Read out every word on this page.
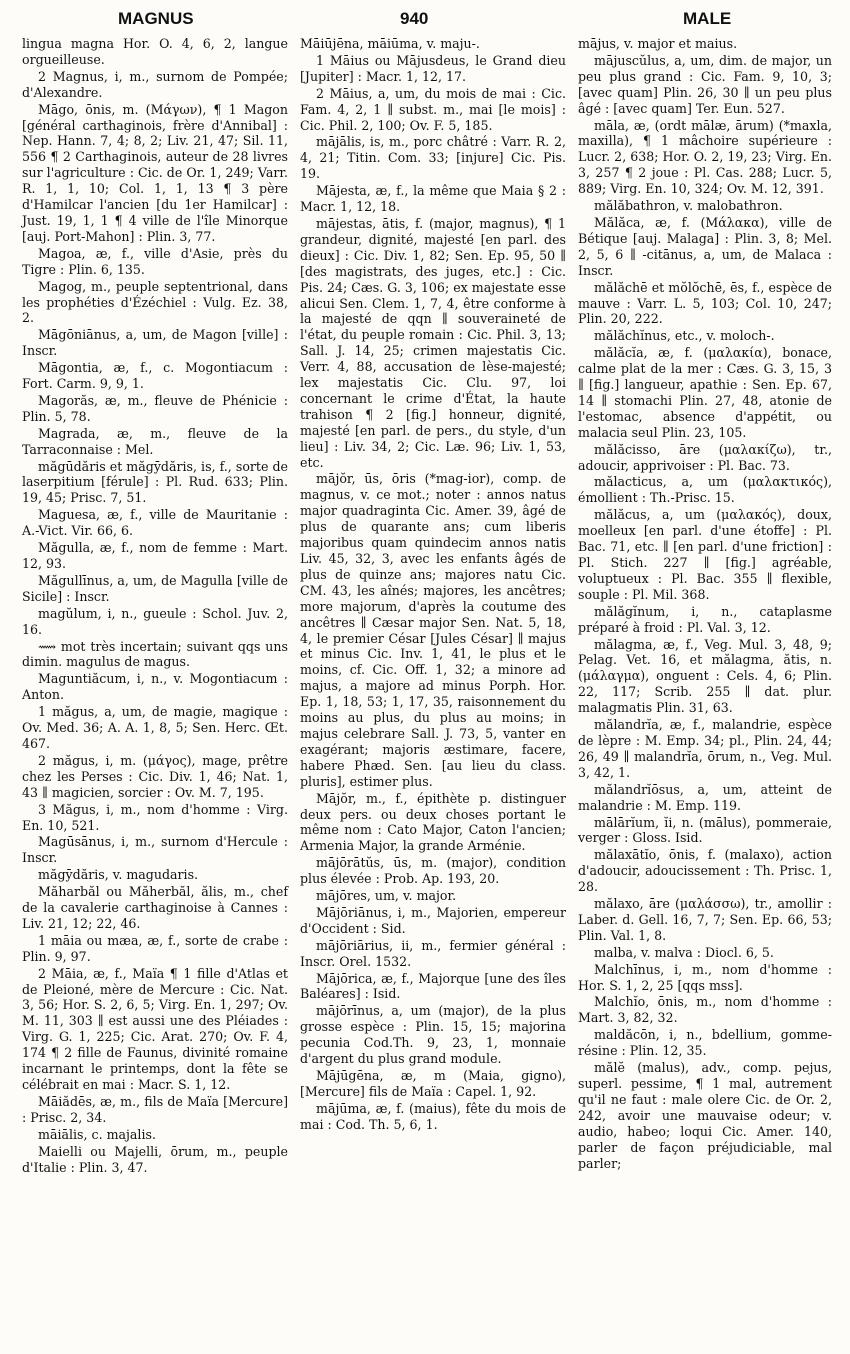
MAGNUS	940	MALE

lingua magna Hor. O. 4, 6, 2, langue orgueilleuse.

2 Magnus, i, m., surnom de Pompée; d'Alexandre.

Māgo, ōnis, m. (Μάγων), ¶ 1 Magon [général carthaginois, frère d'Annibal] : Nep. Hann. 7, 4; 8, 2; Liv. 21, 47; Sil. 11, 556 ¶ 2 Carthaginois, auteur de 28 livres sur l'agriculture : Cic. de Or. 1, 249; Varr. R. 1, 1, 10; Col. 1, 1, 13 ¶ 3 père d'Hamilcar l'ancien [du 1er Hamilcar] : Just. 19, 1, 1 ¶ 4 ville de l'île Minorque [auj. Port-Mahon] : Plin. 3, 77.

Magoa, æ, f., ville d'Asie, près du Tigre : Plin. 6, 135.

Magog, m., peuple septentrional, dans les prophéties d'Ézéchiel : Vulg. Ez. 38, 2.

Māgōniānus, a, um, de Magon [ville] : Inscr.

Māgontia, æ, f., c. Mogontiacum : Fort. Carm. 9, 9, 1.

Magorăs, æ, m., fleuve de Phénicie : Plin. 5, 78.

Magrada, æ, m., fleuve de la Tarraconnaise : Mel.

măgūdăris et măgȳdăris, is, f., sorte de laserpitium [férule] : Pl. Rud. 633; Plin. 19, 45; Prisc. 7, 51.

Maguesa, æ, f., ville de Mauritanie : A.-Vict. Vir. 66, 6.

Măgulla, æ, f., nom de femme : Mart. 12, 93.

Măgullīnus, a, um, de Magulla [ville de Sicile] : Inscr.

magŭlum, i, n., gueule : Schol. Juv. 2, 16.

⟿ mot très incertain; suivant qqs uns dimin. magulus de magus.

Maguntiăcum, i, n., v. Mogontiacum : Anton.

1 măgus, a, um, de magie, magique : Ov. Med. 36; A. A. 1, 8, 5; Sen. Herc. Œt. 467.

2 măgus, i, m. (μάγος), mage, prêtre chez les Perses : Cic. Div. 1, 46; Nat. 1, 43 ∥ magicien, sorcier : Ov. M. 7, 195.

3 Măgus, i, m., nom d'homme : Virg. En. 10, 521.

Magūsānus, i, m., surnom d'Hercule : Inscr.

măgȳdăris, v. magudaris.

Măharbăl ou Măherbăl, ălis, m., chef de la cavalerie carthaginoise à Cannes : Liv. 21, 12; 22, 46.

1 māia ou mæa, æ, f., sorte de crabe : Plin. 9, 97.

2 Māia, æ, f., Maïa ¶ 1 fille d'Atlas et de Pleioné, mère de Mercure : Cic. Nat. 3, 56; Hor. S. 2, 6, 5; Virg. En. 1, 297; Ov. M. 11, 303 ∥ est aussi une des Pléiades : Virg. G. 1, 225; Cic. Arat. 270; Ov. F. 4, 174 ¶ 2 fille de Faunus, divinité romaine incarnant le printemps, dont la fête se célébrait en mai : Macr. S. 1, 12.

Māiădēs, æ, m., fils de Maïa [Mercure] : Prisc. 2, 34.

māiālis, c. majalis.

Maielli ou Majelli, ōrum, m., peuple d'Italie : Plin. 3, 47.

Māiūjēna, māiūma, v. maju-.

1 Māius ou Mājusdeus, le Grand dieu [Jupiter] : Macr. 1, 12, 17.

2 Māius, a, um, du mois de mai : Cic. Fam. 4, 2, 1 ∥ subst. m., mai [le mois] : Cic. Phil. 2, 100; Ov. F. 5, 185.

mājālis, is, m., porc châtré : Varr. R. 2, 4, 21; Titin. Com. 33; [injure] Cic. Pis. 19.

Mājesta, æ, f., la même que Maia § 2 : Macr. 1, 12, 18.

mājestas, ātis, f. (major, magnus), ¶ 1 grandeur, dignité, majesté [en parl. des dieux] : Cic. Div. 1, 82; Sen. Ep. 95, 50 ∥ [des magistrats, des juges, etc.] : Cic. Pis. 24; Cæs. G. 3, 106; ex majestate esse alicui Sen. Clem. 1, 7, 4, être conforme à la majesté de qqn ∥ souveraineté de l'état, du peuple romain : Cic. Phil. 3, 13; Sall. J. 14, 25; crimen majestatis Cic. Verr. 4, 88, accusation de lèse-majesté; lex majestatis Cic. Clu. 97, loi concernant le crime d'État, la haute trahison ¶ 2 [fig.] honneur, dignité, majesté [en parl. de pers., du style, d'un lieu] : Liv. 34, 2; Cic. Læ. 96; Liv. 1, 53, etc.

mājŏr, ūs, ōris (*mag-ior), comp. de magnus, v. ce mot.; noter : annos natus major quadraginta Cic. Amer. 39, âgé de plus de quarante ans; cum liberis majoribus quam quindecim annos natis Liv. 45, 32, 3, avec les enfants âgés de plus de quinze ans; majores natu Cic. CM. 43, les aînés; majores, les ancêtres; more majorum, d'après la coutume des ancêtres ∥ Cæsar major Sen. Nat. 5, 18, 4, le premier César [Jules César] ∥ majus et minus Cic. Inv. 1, 41, le plus et le moins, cf. Cic. Off. 1, 32; a minore ad majus, a majore ad minus Porph. Hor. Ep. 1, 18, 53; 1, 17, 35, raisonnement du moins au plus, du plus au moins; in majus celebrare Sall. J. 73, 5, vanter en exagérant; majoris æstimare, facere, habere Phæd. Sen. [au lieu du class. pluris], estimer plus.

Mājŏr, m., f., épithète p. distinguer deux pers. ou deux choses portant le même nom : Cato Major, Caton l'ancien; Armenia Major, la grande Arménie.

mājōrātŭs, ūs, m. (major), condition plus élevée : Prob. Ap. 193, 20.

mājōres, um, v. major.

Mājōriānus, i, m., Majorien, empereur d'Occident : Sid.

mājōriārius, ii, m., fermier général : Inscr. Orel. 1532.

Mājōrica, æ, f., Majorque [une des îles Baléares] : Isid.

mājōrīnus, a, um (major), de la plus grosse espèce : Plin. 15, 15; majorina pecunia Cod.Th. 9, 23, 1, monnaie d'argent du plus grand module.

Mājūgēna, æ, m (Maia, gigno), [Mercure] fils de Maïa : Capel. 1, 92.

mājūma, æ, f. (maius), fête du mois de mai : Cod. Th. 5, 6, 1.

mājus, v. major et maius.

mājuscŭlus, a, um, dim. de major, un peu plus grand : Cic. Fam. 9, 10, 3; [avec quam] Plin. 26, 30 ∥ un peu plus âgé : [avec quam] Ter. Eun. 527.

māla, æ, (ordt mālæ, ārum) (*maxla, maxilla), ¶ 1 mâchoire supérieure : Lucr. 2, 638; Hor. O. 2, 19, 23; Virg. En. 3, 257 ¶ 2 joue : Pl. Cas. 288; Lucr. 5, 889; Virg. En. 10, 324; Ov. M. 12, 391.

mălăbathron, v. malobathron.

Mălăca, æ, f. (Μάλακα), ville de Bétique [auj. Malaga] : Plin. 3, 8; Mel. 2, 5, 6 ∥ -citānus, a, um, de Malaca : Inscr.

mălăchē et mŏlŏchē, ēs, f., espèce de mauve : Varr. L. 5, 103; Col. 10, 247; Plin. 20, 222.

mălăchĭnus, etc., v. moloch-.

mălăcĭa, æ, f. (μαλακία), bonace, calme plat de la mer : Cæs. G. 3, 15, 3 ∥ [fig.] langueur, apathie : Sen. Ep. 67, 14 ∥ stomachi Plin. 27, 48, atonie de l'estomac, absence d'appétit, ou malacia seul Plin. 23, 105.

mălăcisso, āre (μαλακίζω), tr., adoucir, apprivoiser : Pl. Bac. 73.

mălacticus, a, um (μαλακτικός), émollient : Th.-Prisc. 15.

mălăcus, a, um (μαλακός), doux, moelleux [en parl. d'une étoffe] : Pl. Bac. 71, etc. ∥ [en parl. d'une friction] : Pl. Stich. 227 ∥ [fig.] agréable, voluptueux : Pl. Bac. 355 ∥ flexible, souple : Pl. Mil. 368.

mălăgĭnum, i, n., cataplasme préparé à froid : Pl. Val. 3, 12.

mălagma, æ, f., Veg. Mul. 3, 48, 9; Pelag. Vet. 16, et mălagma, ătis, n. (μάλαγμα), onguent : Cels. 4, 6; Plin. 22, 117; Scrib. 255 ∥ dat. plur. malagmatis Plin. 31, 63.

mălandrĭa, æ, f., malandrie, espèce de lèpre : M. Emp. 34; pl., Plin. 24, 44; 26, 49 ∥ malandrĭa, ōrum, n., Veg. Mul. 3, 42, 1.

mălandrĭōsus, a, um, atteint de malandrie : M. Emp. 119.

mālārĭum, ĭi, n. (mālus), pommeraie, verger : Gloss. Isid.

mălaxātĭo, ōnis, f. (malaxo), action d'adoucir, adoucissement : Th. Prisc. 1, 28.

mălaxo, āre (μαλάσσω), tr., amollir : Laber. d. Gell. 16, 7, 7; Sen. Ep. 66, 53; Plin. Val. 1, 8.

malba, v. malva : Diocl. 6, 5.

Malchīnus, i, m., nom d'homme : Hor. S. 1, 2, 25 [qqs mss].

Malchĭo, ōnis, m., nom d'homme : Mart. 3, 82, 32.

maldăcōn, i, n., bdellium, gomme-résine : Plin. 12, 35.

mălĕ (malus), adv., comp. pejus, superl. pessime, ¶ 1 mal, autrement qu'il ne faut : male olere Cic. de Or. 2, 242, avoir une mauvaise odeur; v. audio, habeo; loqui Cic. Amer. 140, parler de façon préjudiciable, mal parler;
